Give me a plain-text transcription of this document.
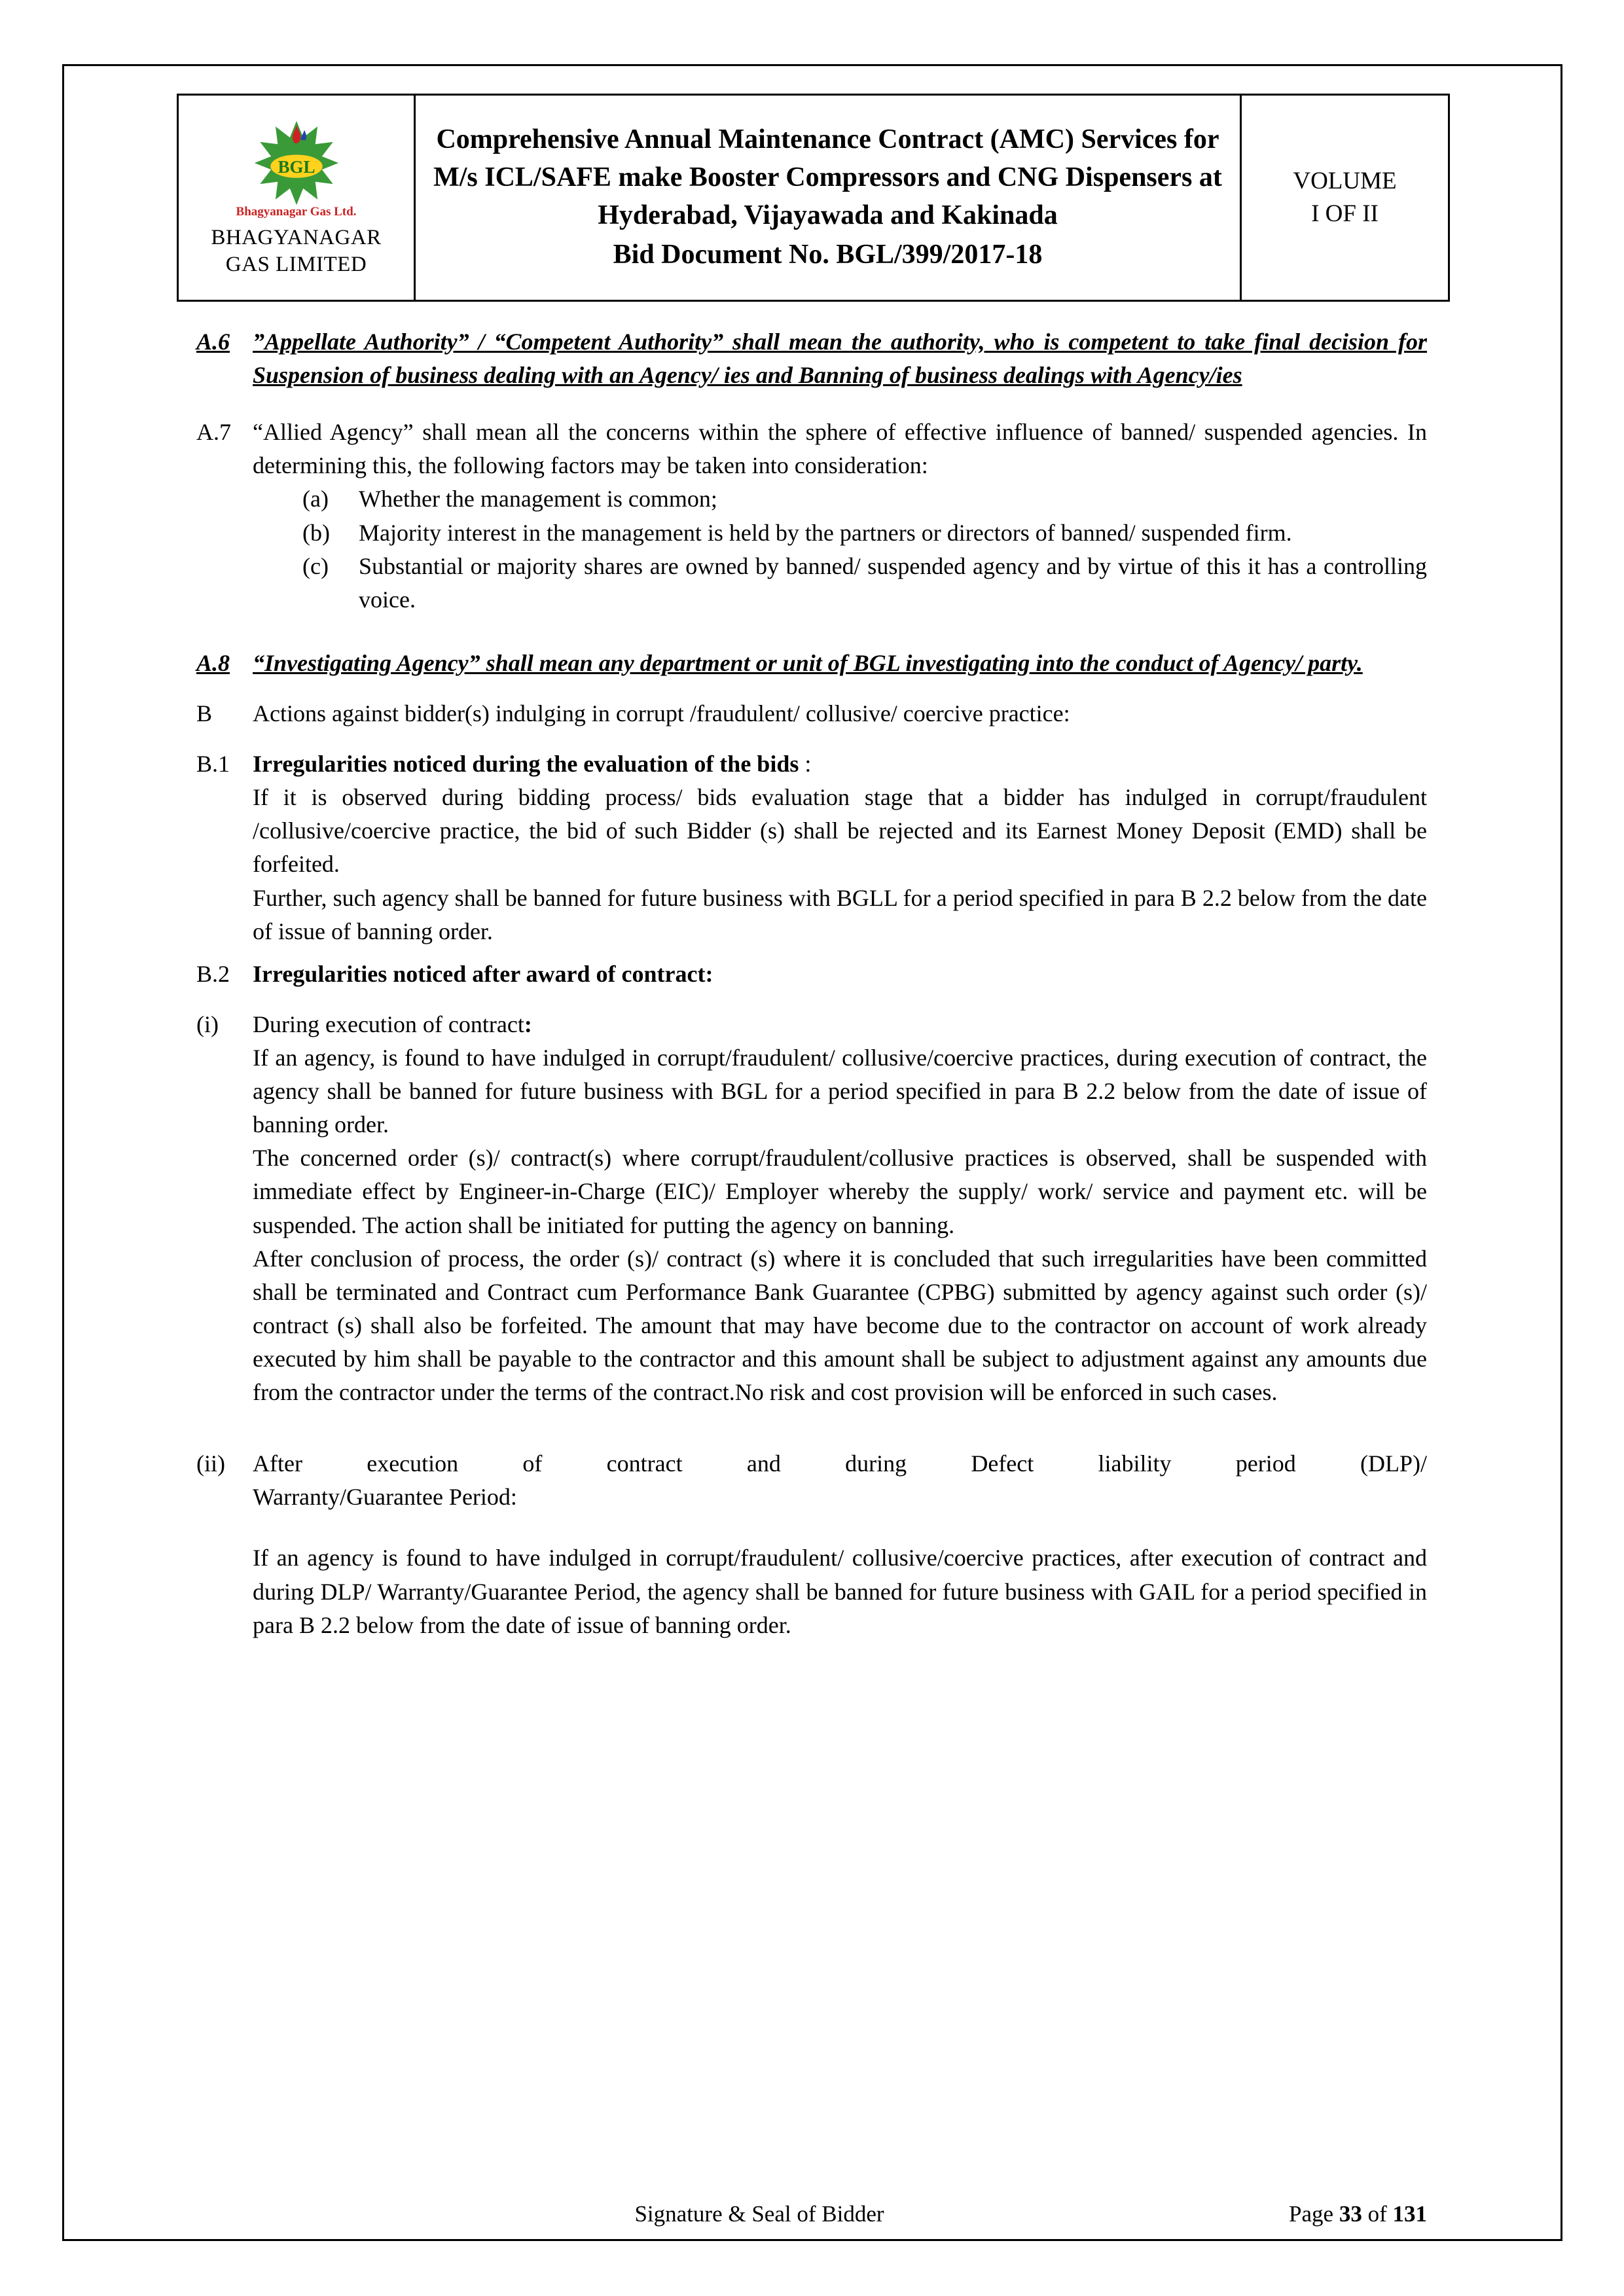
BGL
Bhagyanagar Gas Ltd.
BHAGYANAGAR
GAS LIMITED
Comprehensive Annual Maintenance Contract (AMC) Services for M/s ICL/SAFE make Booster Compressors and CNG Dispensers at Hyderabad, Vijayawada and Kakinada
Bid Document No. BGL/399/2017-18
VOLUME
I OF II
A.6 ”Appellate Authority” / “Competent Authority” shall mean the authority, who is competent to take final decision for Suspension of business dealing with an Agency/ ies and Banning of business dealings with Agency/ies
A.7 “Allied Agency” shall mean all the concerns within the sphere of effective influence of banned/ suspended agencies. In determining this, the following factors may be taken into consideration:
(a) Whether the management is common;
(b) Majority interest in the management is held by the partners or directors of banned/ suspended firm.
(c) Substantial or majority shares are owned by banned/ suspended agency and by virtue of this it has a controlling voice.
A.8 “Investigating Agency” shall mean any department or unit of BGL investigating into the conduct of Agency/ party.
B Actions against bidder(s) indulging in corrupt /fraudulent/ collusive/ coercive practice:
B.1 Irregularities noticed during the evaluation of the bids :
If it is observed during bidding process/ bids evaluation stage that a bidder has indulged in corrupt/fraudulent /collusive/coercive practice, the bid of such Bidder (s) shall be rejected and its Earnest Money Deposit (EMD) shall be forfeited.
Further, such agency shall be banned for future business with BGLL for a period specified in para B 2.2 below from the date of issue of banning order.
B.2 Irregularities noticed after award of contract:
(i) During execution of contract:
If an agency, is found to have indulged in corrupt/fraudulent/ collusive/coercive practices, during execution of contract, the agency shall be banned for future business with BGL for a period specified in para B 2.2 below from the date of issue of banning order.
The concerned order (s)/ contract(s) where corrupt/fraudulent/collusive practices is observed, shall be suspended with immediate effect by Engineer-in-Charge (EIC)/ Employer whereby the supply/ work/ service and payment etc. will be suspended. The action shall be initiated for putting the agency on banning.
After conclusion of process, the order (s)/ contract (s) where it is concluded that such irregularities have been committed shall be terminated and Contract cum Performance Bank Guarantee (CPBG) submitted by agency against such order (s)/ contract (s) shall also be forfeited. The amount that may have become due to the contractor on account of work already executed by him shall be payable to the contractor and this amount shall be subject to adjustment against any amounts due from the contractor under the terms of the contract.No risk and cost provision will be enforced in such cases.
(ii) After execution of contract and during Defect liability period (DLP)/
Warranty/Guarantee Period:
If an agency is found to have indulged in corrupt/fraudulent/ collusive/coercive practices, after execution of contract and during DLP/ Warranty/Guarantee Period, the agency shall be banned for future business with GAIL for a period specified in para B 2.2 below from the date of issue of banning order.
Signature & Seal of Bidder	Page 33 of 131
